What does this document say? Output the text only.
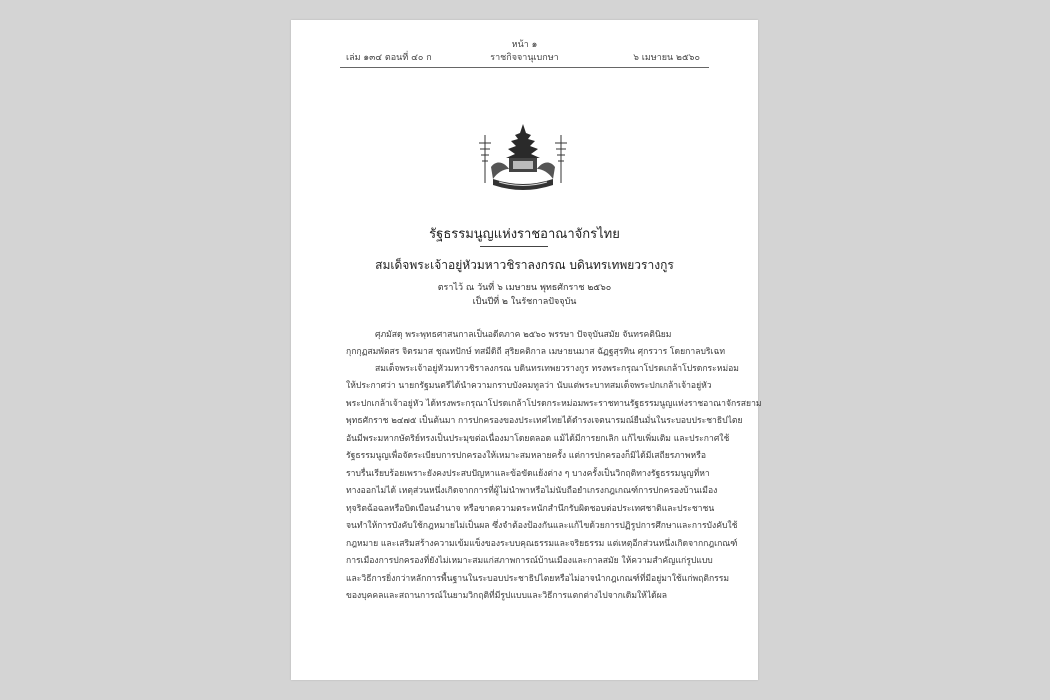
หน้า ๑
เล่ม ๑๓๔ ตอนที่ ๔๐ ก	ราชกิจจานุเบกษา	๖ เมษายน ๒๕๖๐
รัฐธรรมนูญแห่งราชอาณาจักรไทย
สมเด็จพระเจ้าอยู่หัวมหาวชิราลงกรณ บดินทรเทพยวรางกูร
ตราไว้ ณ วันที่ ๖ เมษายน พุทธศักราช ๒๕๖๐
เป็นปีที่ ๒ ในรัชกาลปัจจุบัน
ศุภมัสดุ พระพุทธศาสนกาลเป็นอดีตภาค ๒๕๖๐ พรรษา ปัจจุบันสมัย จันทรคตินิยม
กุกกุฏสมพัตสร จิตรมาส ชุณหปักษ์ ทสมีดิถี สุริยคติกาล เมษายนมาส ฉัฏฐสุรทิน ศุกรวาร โดยกาลบริเฉท
สมเด็จพระเจ้าอยู่หัวมหาวชิราลงกรณ บดินทรเทพยวรางกูร ทรงพระกรุณาโปรดเกล้าโปรดกระหม่อม
ให้ประกาศว่า นายกรัฐมนตรีได้นำความกราบบังคมทูลว่า นับแต่พระบาทสมเด็จพระปกเกล้าเจ้าอยู่หัว
พระปกเกล้าเจ้าอยู่หัว ได้ทรงพระกรุณาโปรดเกล้าโปรดกระหม่อมพระราชทานรัฐธรรมนูญแห่งราชอาณาจักรสยาม
พุทธศักราช ๒๔๗๕ เป็นต้นมา การปกครองของประเทศไทยได้ดำรงเจตนารมณ์ยืนมั่นในระบอบประชาธิปไตย
อันมีพระมหากษัตริย์ทรงเป็นประมุขต่อเนื่องมาโดยตลอด แม้ได้มีการยกเลิก แก้ไขเพิ่มเติม และประกาศใช้
รัฐธรรมนูญเพื่อจัดระเบียบการปกครองให้เหมาะสมหลายครั้ง แต่การปกครองก็มิได้มีเสถียรภาพหรือ
ราบรื่นเรียบร้อยเพราะยังคงประสบปัญหาและข้อขัดแย้งต่าง ๆ บางครั้งเป็นวิกฤติทางรัฐธรรมนูญที่หา
ทางออกไม่ได้ เหตุส่วนหนึ่งเกิดจากการที่ผู้ไม่นำพาหรือไม่นับถือยำเกรงกฎเกณฑ์การปกครองบ้านเมือง
ทุจริตฉ้อฉลหรือบิดเบือนอำนาจ หรือขาดความตระหนักสำนึกรับผิดชอบต่อประเทศชาติและประชาชน
จนทำให้การบังคับใช้กฎหมายไม่เป็นผล ซึ่งจำต้องป้องกันและแก้ไขด้วยการปฏิรูปการศึกษาและการบังคับใช้
กฎหมาย และเสริมสร้างความเข้มแข็งของระบบคุณธรรมและจริยธรรม แต่เหตุอีกส่วนหนึ่งเกิดจากกฎเกณฑ์
การเมืองการปกครองที่ยังไม่เหมาะสมแก่สภาพการณ์บ้านเมืองและกาลสมัย ให้ความสำคัญแก่รูปแบบ
และวิธีการยิ่งกว่าหลักการพื้นฐานในระบอบประชาธิปไตยหรือไม่อาจนำกฎเกณฑ์ที่มีอยู่มาใช้แก่พฤติกรรม
ของบุคคลและสถานการณ์ในยามวิกฤติที่มีรูปแบบและวิธีการแตกต่างไปจากเดิมให้ได้ผล
